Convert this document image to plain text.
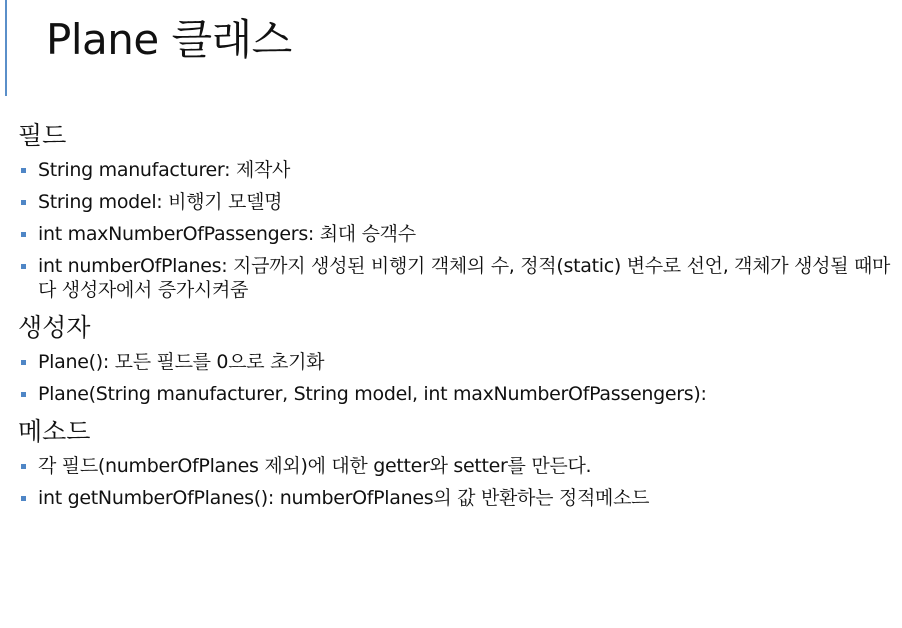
Plane 클래스
필드
String manufacturer: 제작사
String model: 비행기 모델명
int maxNumberOfPassengers: 최대 승객수
int numberOfPlanes: 지금까지 생성된 비행기 객체의 수, 정적(static) 변수로 선언, 객체가 생성될 때마다 생성자에서 증가시켜줌
생성자
Plane(): 모든 필드를 0으로 초기화
Plane(String manufacturer, String model, int maxNumberOfPassengers):
메소드
각 필드(numberOfPlanes 제외)에 대한 getter와 setter를 만든다.
int getNumberOfPlanes(): numberOfPlanes의 값 반환하는 정적메소드
